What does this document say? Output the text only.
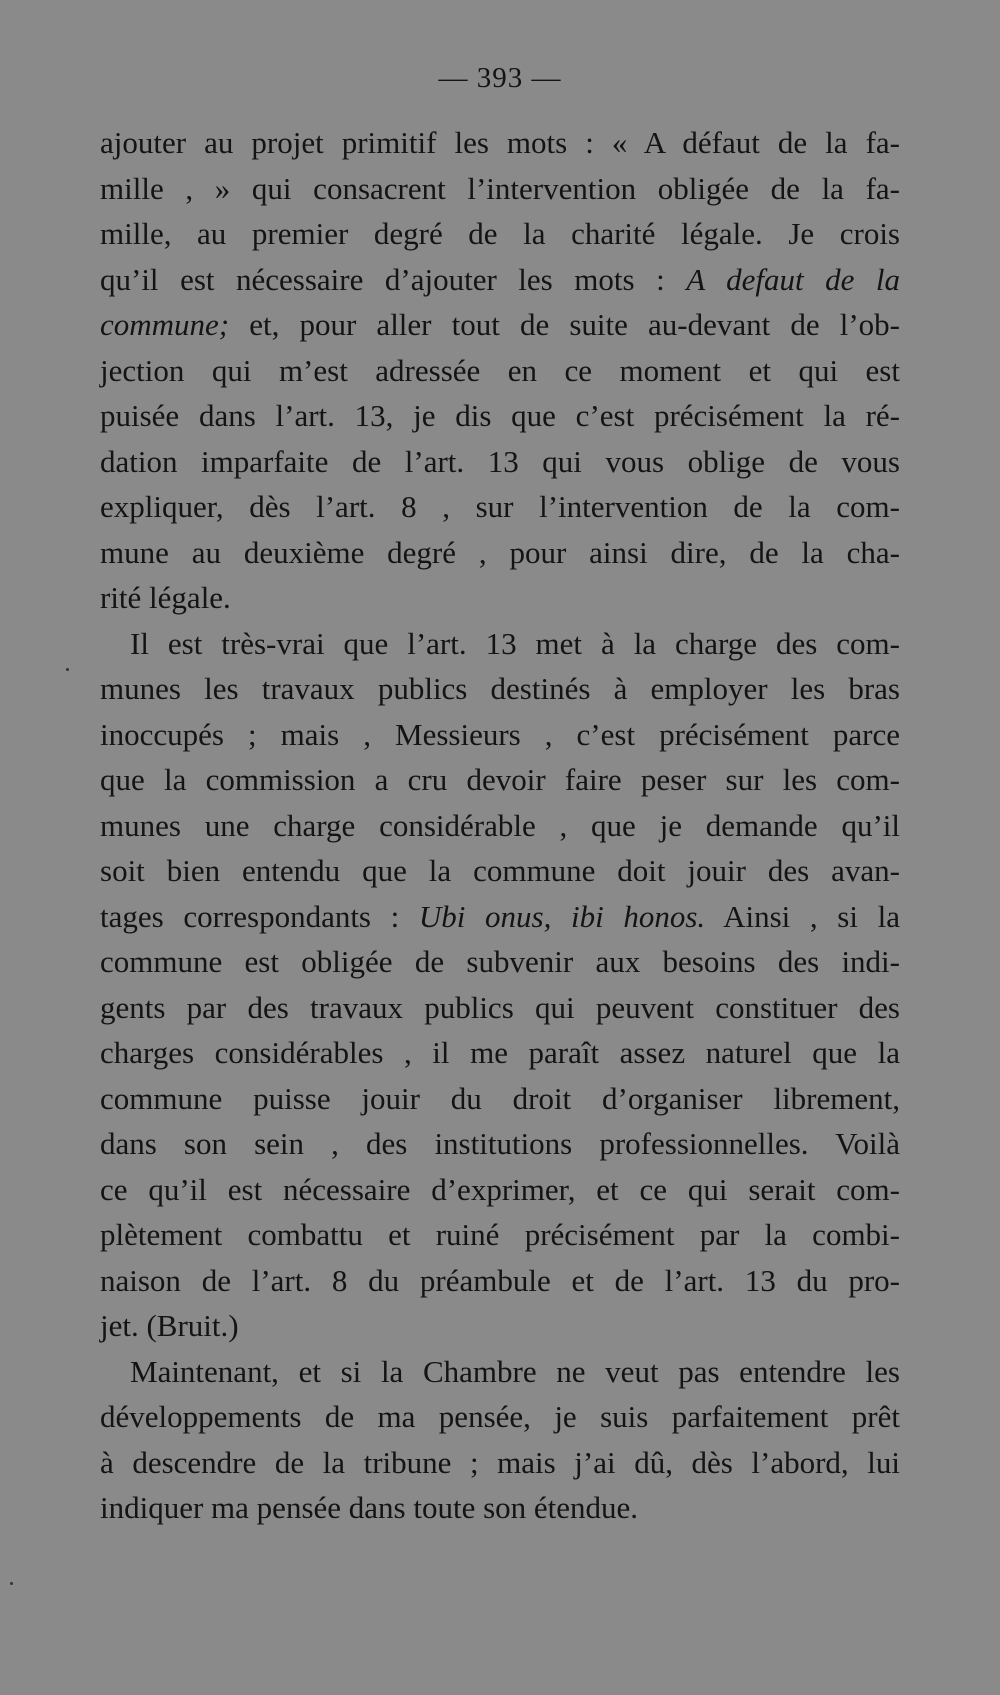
— 393 —
ajouter au projet primitif les mots : « A défaut de la fa-
mille , » qui consacrent l’intervention obligée de la fa-
mille, au premier degré de la charité légale. Je crois
qu’il est nécessaire d’ajouter les mots : A defaut de la
commune; et, pour aller tout de suite au-devant de l’ob-
jection qui m’est adressée en ce moment et qui est
puisée dans l’art. 13, je dis que c’est précisément la ré-
dation imparfaite de l’art. 13 qui vous oblige de vous
expliquer, dès l’art. 8 , sur l’intervention de la com-
mune au deuxième degré , pour ainsi dire, de la cha-
rité légale.
Il est très-vrai que l’art. 13 met à la charge des com-
munes les travaux publics destinés à employer les bras
inoccupés ; mais , Messieurs , c’est précisément parce
que la commission a cru devoir faire peser sur les com-
munes une charge considérable , que je demande qu’il
soit bien entendu que la commune doit jouir des avan-
tages correspondants : Ubi onus, ibi honos. Ainsi , si la
commune est obligée de subvenir aux besoins des indi-
gents par des travaux publics qui peuvent constituer des
charges considérables , il me paraît assez naturel que la
commune puisse jouir du droit d’organiser librement,
dans son sein , des institutions professionnelles. Voilà
ce qu’il est nécessaire d’exprimer, et ce qui serait com-
plètement combattu et ruiné précisément par la combi-
naison de l’art. 8 du préambule et de l’art. 13 du pro-
jet. (Bruit.)
Maintenant, et si la Chambre ne veut pas entendre les
développements de ma pensée, je suis parfaitement prêt
à descendre de la tribune ; mais j’ai dû, dès l’abord, lui
indiquer ma pensée dans toute son étendue.
